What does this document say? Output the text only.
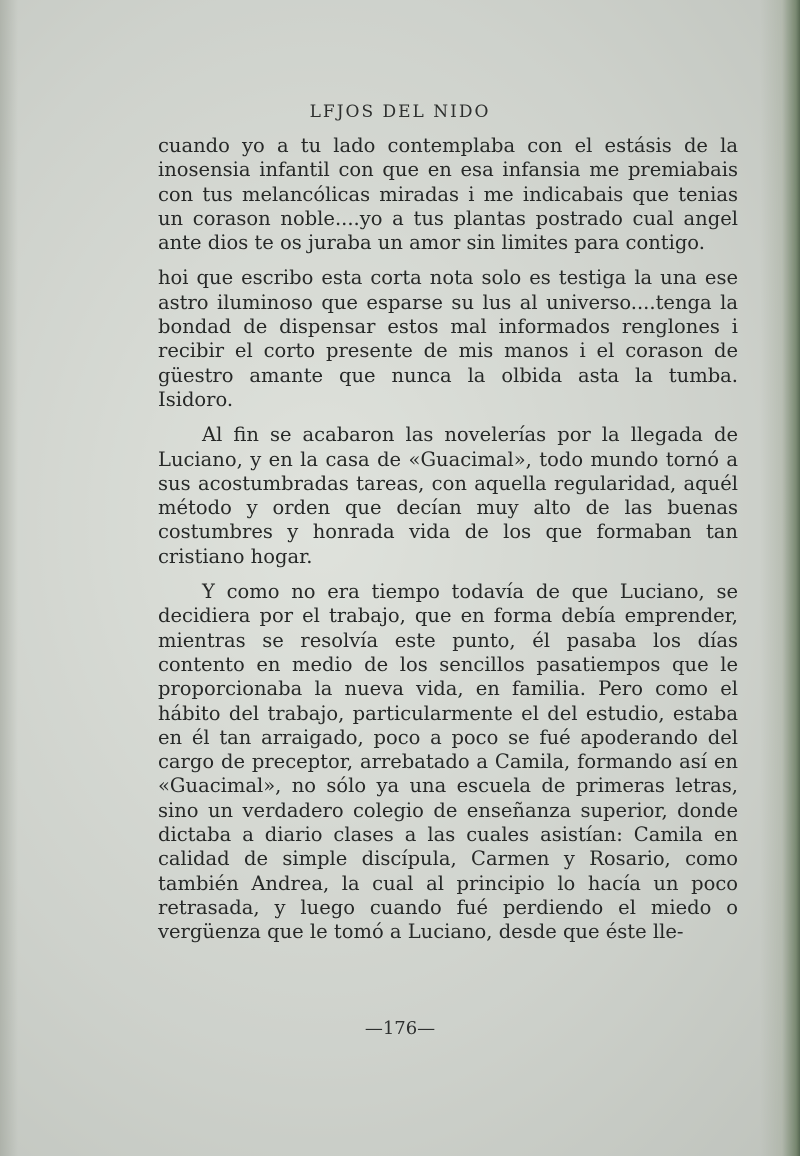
LFJOS DEL NIDO

cuando yo a tu lado contemplaba con el estásis de la inosensia infantil con que en esa infansia me premiabais con tus melancólicas miradas i me indicabais que tenias un corason noble....yo a tus plantas postrado cual angel ante dios te os juraba un amor sin limites para contigo.

hoi que escribo esta corta nota solo es testiga la una ese astro iluminoso que esparse su lus al universo....tenga la bondad de dispensar estos mal informados renglones i recibir el corto presente de mis manos i el corason de güestro amante que nunca la olbida asta la tumba. Isidoro.

Al fin se acabaron las novelerías por la llegada de Luciano, y en la casa de «Guacimal», todo mundo tornó a sus acostumbradas tareas, con aquella regularidad, aquél método y orden que decían muy alto de las buenas costumbres y honrada vida de los que formaban tan cristiano hogar.

Y como no era tiempo todavía de que Luciano, se decidiera por el trabajo, que en forma debía emprender, mientras se resolvía este punto, él pasaba los días contento en medio de los sencillos pasatiempos que le proporcionaba la nueva vida, en familia. Pero como el hábito del trabajo, particularmente el del estudio, estaba en él tan arraigado, poco a poco se fué apoderando del cargo de preceptor, arrebatado a Camila, formando así en «Guacimal», no sólo ya una escuela de primeras letras, sino un verdadero colegio de enseñanza superior, donde dictaba a diario clases a las cuales asistían: Camila en calidad de simple discípula, Carmen y Rosario, como también Andrea, la cual al principio lo hacía un poco retrasada, y luego cuando fué perdiendo el miedo o vergüenza que le tomó a Luciano, desde que éste lle-

—176—
